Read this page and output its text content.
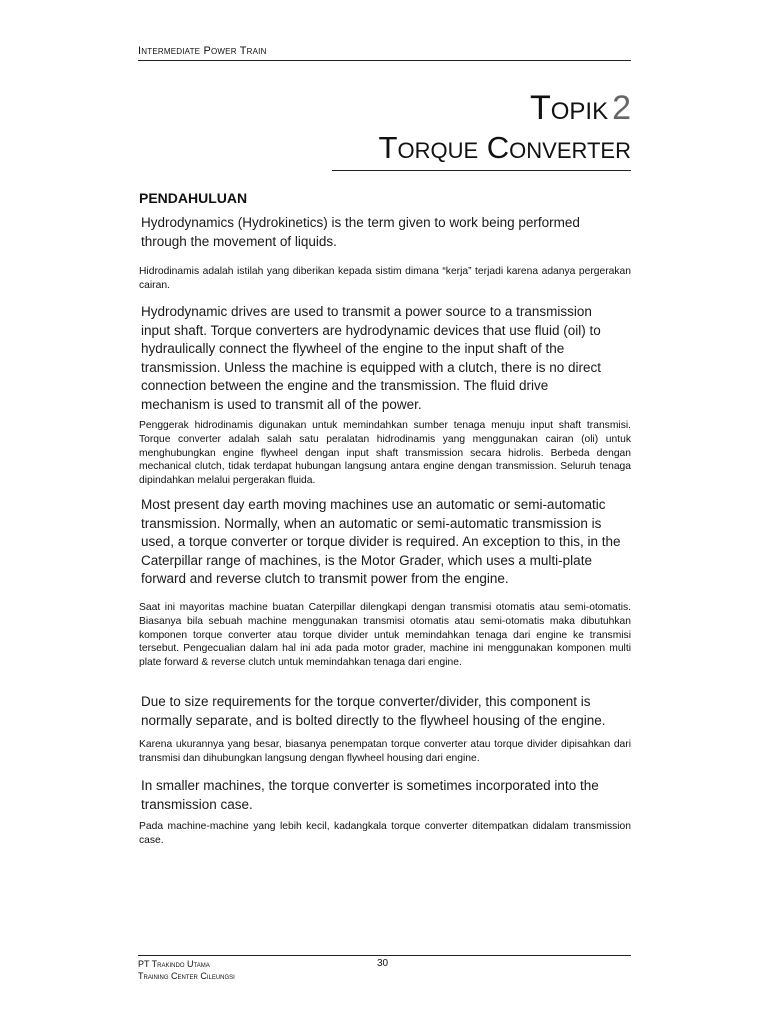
Intermediate Power Train
Topik 2
Torque Converter
PENDAHULUAN
Hydrodynamics (Hydrokinetics) is the term given to work being performed through the movement of liquids.
Hidrodinamis adalah istilah yang diberikan kepada sistim dimana “kerja” terjadi karena adanya pergerakan cairan.
Hydrodynamic drives are used to transmit a power source to a transmission input shaft. Torque converters are hydrodynamic devices that use fluid (oil) to hydraulically connect the flywheel of the engine to the input shaft of the transmission. Unless the machine is equipped with a clutch, there is no direct connection between the engine and the transmission. The fluid drive mechanism is used to transmit all of the power.
Penggerak hidrodinamis digunakan untuk memindahkan sumber tenaga menuju input shaft transmisi. Torque converter adalah salah satu peralatan hidrodinamis yang menggunakan cairan (oli) untuk menghubungkan engine flywheel dengan input shaft transmission secara hidrolis. Berbeda dengan mechanical clutch, tidak terdapat hubungan langsung antara engine dengan transmission. Seluruh tenaga dipindahkan melalui pergerakan fluida.
Most present day earth moving machines use an automatic or semi-automatic transmission. Normally, when an automatic or semi-automatic transmission is used, a torque converter or torque divider is required. An exception to this, in the Caterpillar range of machines, is the Motor Grader, which uses a multi-plate forward and reverse clutch to transmit power from the engine.
Saat ini mayoritas machine buatan Caterpillar dilengkapi dengan transmisi otomatis atau semi-otomatis. Biasanya bila sebuah machine menggunakan transmisi otomatis atau semi-otomatis maka dibutuhkan komponen torque converter atau torque divider untuk memindahkan tenaga dari engine ke transmisi tersebut. Pengecualian dalam hal ini ada pada motor grader, machine ini menggunakan komponen multi plate forward & reverse clutch untuk memindahkan tenaga dari engine.
Due to size requirements for the torque converter/divider, this component is normally separate, and is bolted directly to the flywheel housing of the engine.
Karena ukurannya yang besar, biasanya penempatan torque converter atau torque divider dipisahkan dari transmisi dan dihubungkan langsung dengan flywheel housing dari engine.
In smaller machines, the torque converter is sometimes incorporated into the transmission case.
Pada machine-machine yang lebih kecil, kadangkala torque converter ditempatkan didalam transmission case.
PT Trakindo Utama
Training Center Cileungsi
30
